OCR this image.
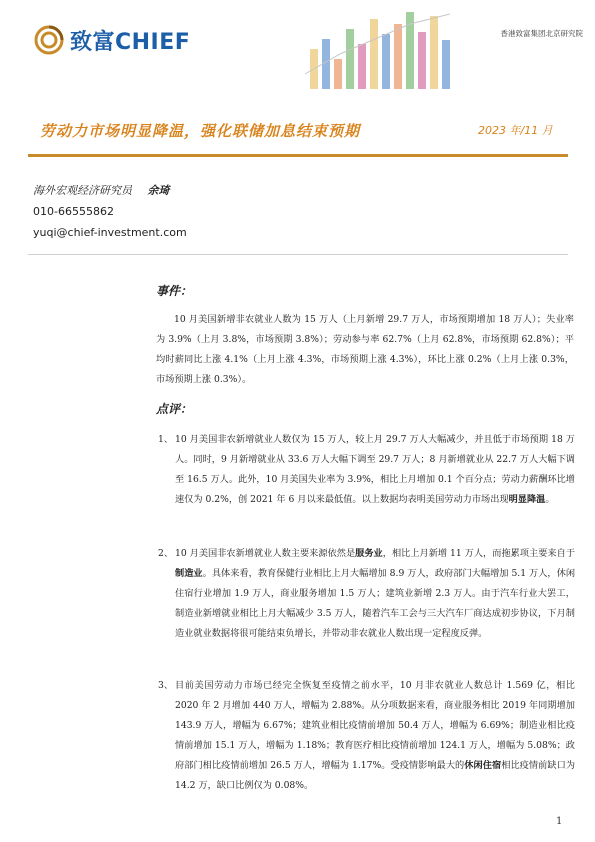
致富CHIEF	香港致富集团北京研究院
劳动力市场明显降温，强化联储加息结束预期	2023 年/11 月
海外宏观经济研究员 余琦
010-66555862
yuqi@chief-investment.com
事件：
10 月美国新增非农就业人数为 15 万人（上月新增 29.7 万人，市场预期增加 18 万人）；失业率为 3.9%（上月 3.8%，市场预期 3.8%）；劳动参与率 62.7%（上月 62.8%，市场预期 62.8%）；平均时薪同比上涨 4.1%（上月上涨 4.3%，市场预期上涨 4.3%），环比上涨 0.2%（上月上涨 0.3%，市场预期上涨 0.3%）。
点评：
1、 10 月美国非农新增就业人数仅为 15 万人，较上月 29.7 万人大幅减少，并且低于市场预期 18 万人。同时，9 月新增就业从 33.6 万人大幅下调至 29.7 万人；8 月新增就业从 22.7 万人大幅下调至 16.5 万人。此外，10 月美国失业率为 3.9%，相比上月增加 0.1 个百分点；劳动力薪酬环比增速仅为 0.2%，创 2021 年 6 月以来最低值。以上数据均表明美国劳动力市场出现明显降温。
2、 10 月美国非农新增就业人数主要来源依然是服务业，相比上月新增 11 万人，而拖累项主要来自于制造业。具体来看，教育保健行业相比上月大幅增加 8.9 万人，政府部门大幅增加 5.1 万人，休闲住宿行业增加 1.9 万人，商业服务增加 1.5 万人；建筑业新增 2.3 万人。由于汽车行业大罢工，制造业新增就业相比上月大幅减少 3.5 万人，随着汽车工会与三大汽车厂商达成初步协议，下月制造业就业数据将很可能结束负增长，并带动非农就业人数出现一定程度反弹。
3、 目前美国劳动力市场已经完全恢复至疫情之前水平，10 月非农就业人数总计 1.569 亿，相比 2020 年 2 月增加 440 万人，增幅为 2.88%。从分项数据来看，商业服务相比 2019 年同期增加 143.9 万人，增幅为 6.67%；建筑业相比疫情前增加 50.4 万人，增幅为 6.69%；制造业相比疫情前增加 15.1 万人，增幅为 1.18%；教育医疗相比疫情前增加 124.1 万人，增幅为 5.08%；政府部门相比疫情前增加 26.5 万人，增幅为 1.17%。受疫情影响最大的休闲住宿相比疫情前缺口为 14.2 万，缺口比例仅为 0.08%。
1
